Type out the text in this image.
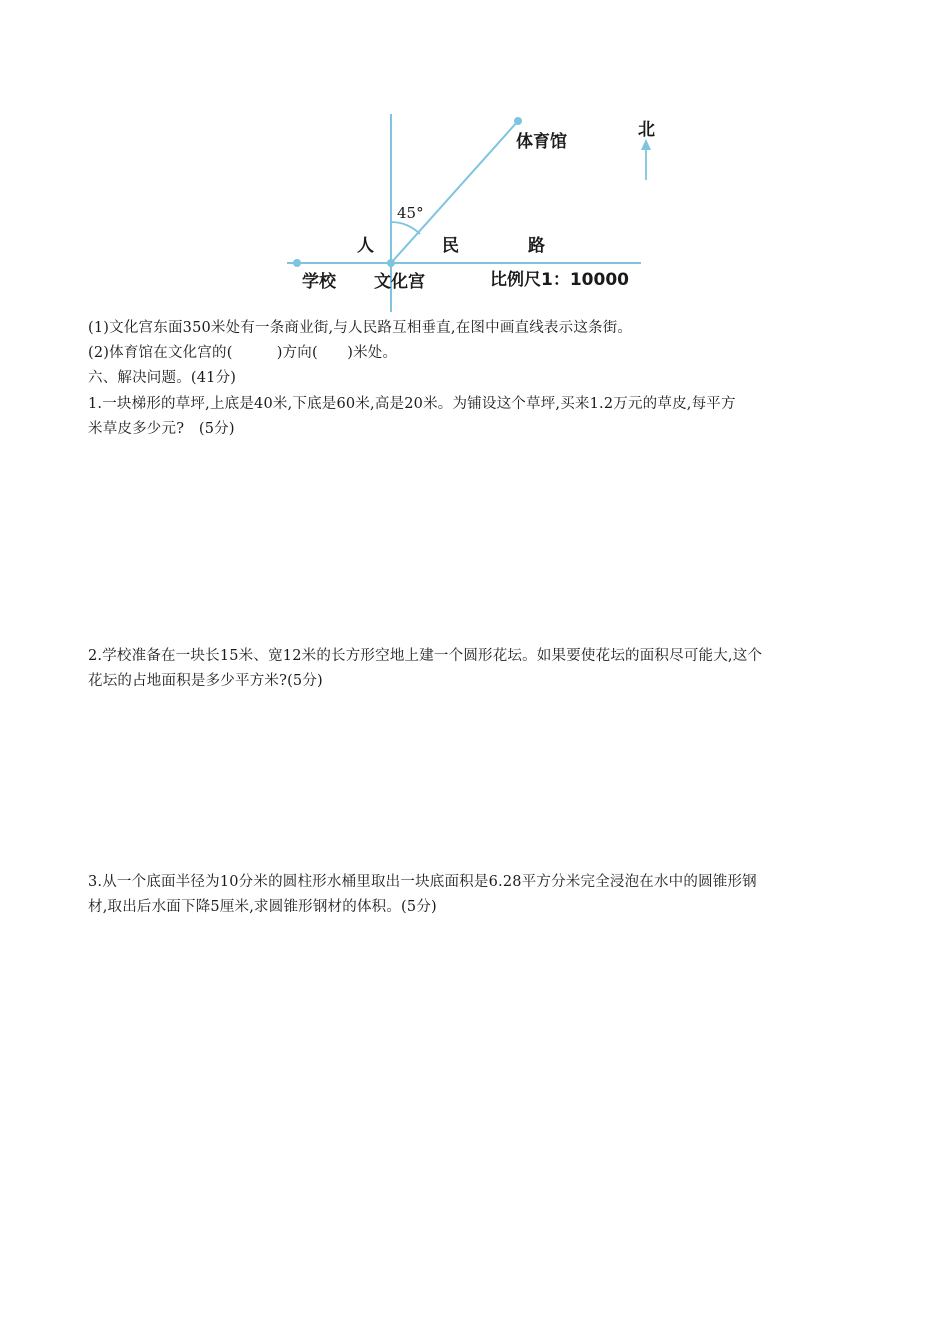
体育馆
北
45°
人	民	路
学校 文化宫	比例尺1：10000
(1)文化宫东面350米处有一条商业街,与人民路互相垂直,在图中画直线表示这条街。
(2)体育馆在文化宫的(　　　)方向(　　)米处。
六、解决问题。(41分)
1.一块梯形的草坪,上底是40米,下底是60米,高是20米。为铺设这个草坪,买来1.2万元的草皮,每平方
米草皮多少元?　(5分)
2.学校准备在一块长15米、宽12米的长方形空地上建一个圆形花坛。如果要使花坛的面积尽可能大,这个
花坛的占地面积是多少平方米?(5分)
3.从一个底面半径为10分米的圆柱形水桶里取出一块底面积是6.28平方分米完全浸泡在水中的圆锥形钢
材,取出后水面下降5厘米,求圆锥形钢材的体积。(5分)
